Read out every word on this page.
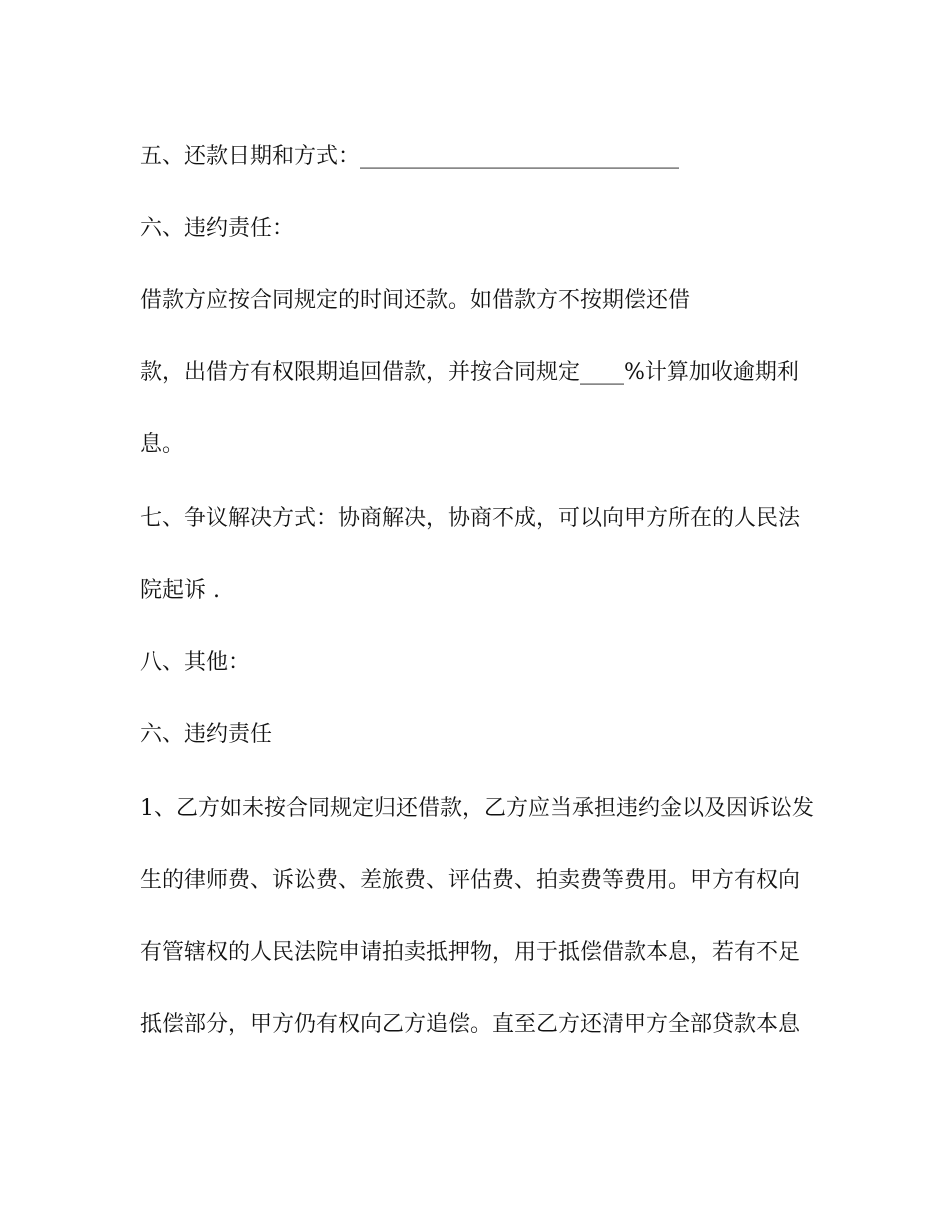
五、还款日期和方式：_____________________________

六、违约责任：

借款方应按合同规定的时间还款。如借款方不按期偿还借

款，出借方有权限期追回借款，并按合同规定____%计算加收逾期利

息。

七、争议解决方式：协商解决，协商不成，可以向甲方所在的人民法

院起诉 .

八、其他：

六、违约责任

1、乙方如未按合同规定归还借款，乙方应当承担违约金以及因诉讼发

生的律师费、诉讼费、差旅费、评估费、拍卖费等费用。甲方有权向

有管辖权的人民法院申请拍卖抵押物，用于抵偿借款本息，若有不足

抵偿部分，甲方仍有权向乙方追偿。直至乙方还清甲方全部贷款本息
